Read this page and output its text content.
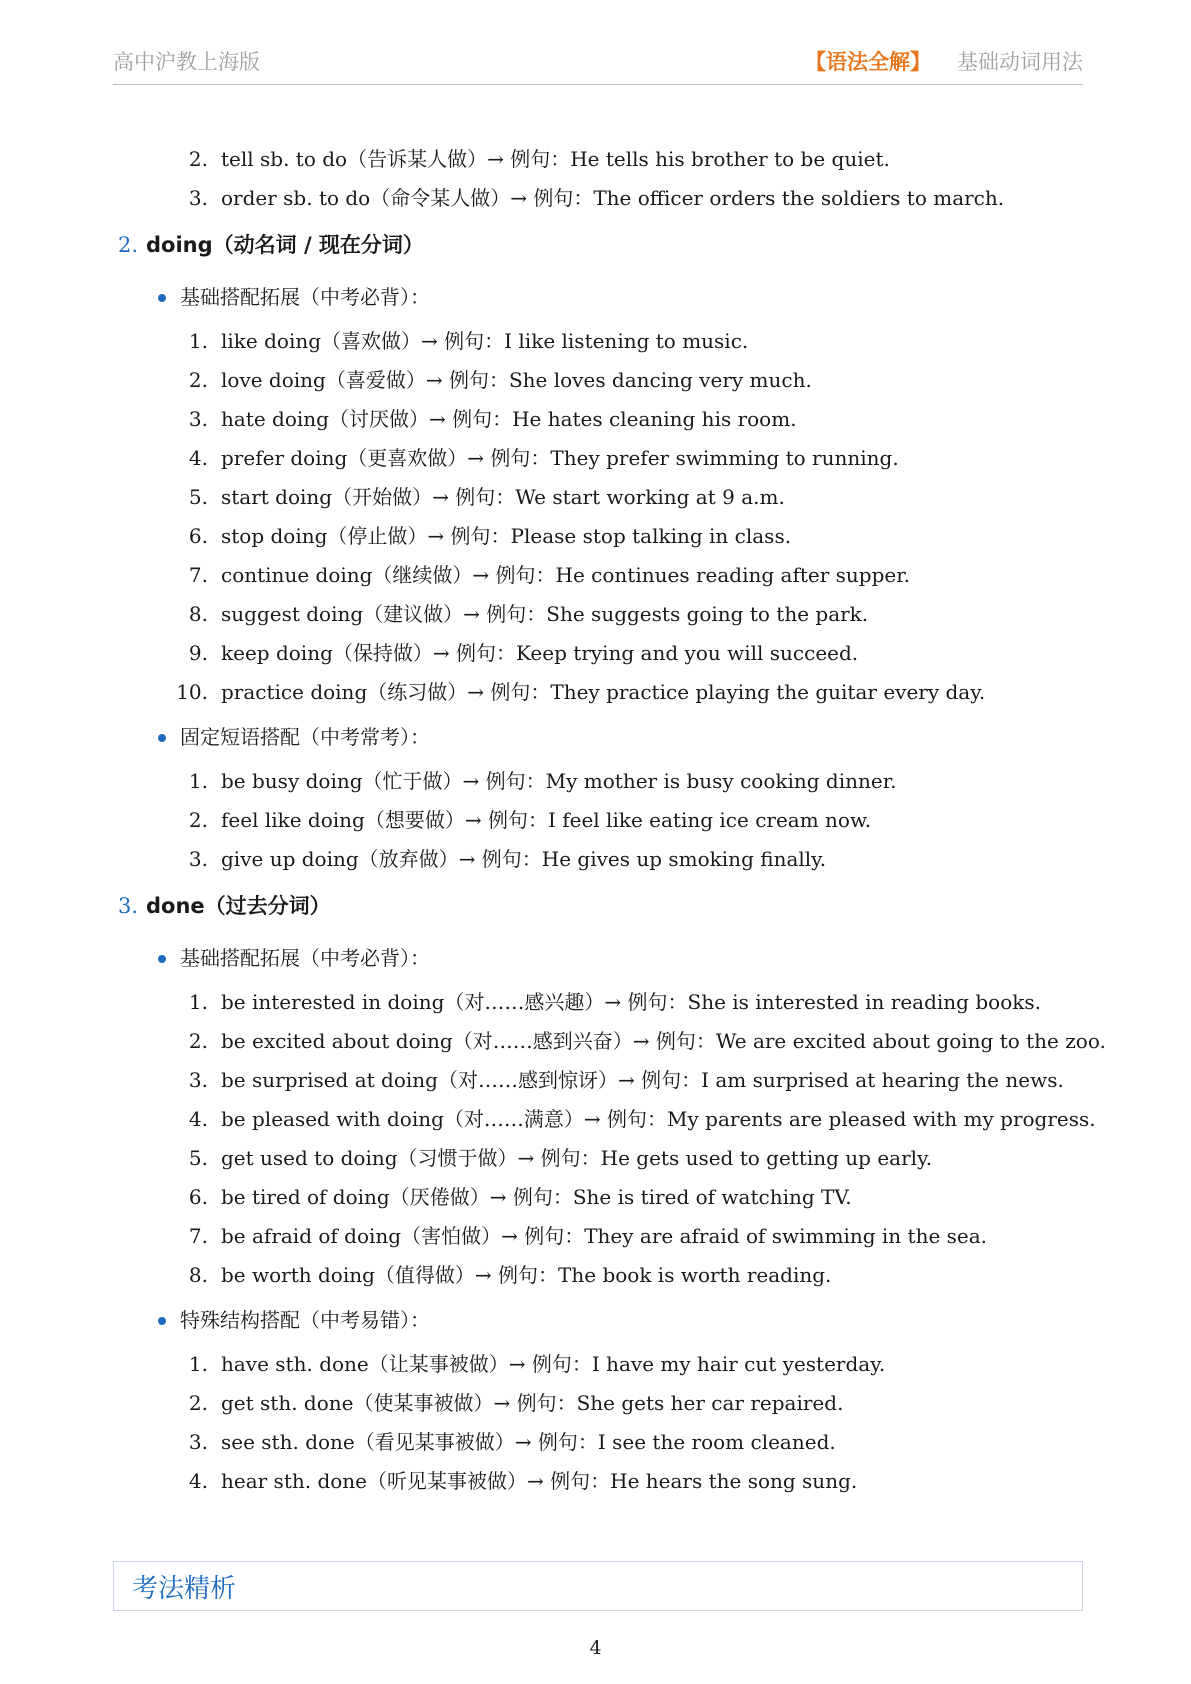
高中沪教上海版	【语法全解】 基础动词用法
2. tell sb. to do（告诉某人做）→ 例句：He tells his brother to be quiet.
3. order sb. to do（命令某人做）→ 例句：The officer orders the soldiers to march.
2. doing（动名词 / 现在分词）
基础搭配拓展（中考必背）：
1. like doing（喜欢做）→ 例句：I like listening to music.
2. love doing（喜爱做）→ 例句：She loves dancing very much.
3. hate doing（讨厌做）→ 例句：He hates cleaning his room.
4. prefer doing（更喜欢做）→ 例句：They prefer swimming to running.
5. start doing（开始做）→ 例句：We start working at 9 a.m.
6. stop doing（停止做）→ 例句：Please stop talking in class.
7. continue doing（继续做）→ 例句：He continues reading after supper.
8. suggest doing（建议做）→ 例句：She suggests going to the park.
9. keep doing（保持做）→ 例句：Keep trying and you will succeed.
10. practice doing（练习做）→ 例句：They practice playing the guitar every day.
固定短语搭配（中考常考）：
1. be busy doing（忙于做）→ 例句：My mother is busy cooking dinner.
2. feel like doing（想要做）→ 例句：I feel like eating ice cream now.
3. give up doing（放弃做）→ 例句：He gives up smoking finally.
3. done（过去分词）
基础搭配拓展（中考必背）：
1. be interested in doing（对……感兴趣）→ 例句：She is interested in reading books.
2. be excited about doing（对……感到兴奋）→ 例句：We are excited about going to the zoo.
3. be surprised at doing（对……感到惊讶）→ 例句：I am surprised at hearing the news.
4. be pleased with doing（对……满意）→ 例句：My parents are pleased with my progress.
5. get used to doing（习惯于做）→ 例句：He gets used to getting up early.
6. be tired of doing（厌倦做）→ 例句：She is tired of watching TV.
7. be afraid of doing（害怕做）→ 例句：They are afraid of swimming in the sea.
8. be worth doing（值得做）→ 例句：The book is worth reading.
特殊结构搭配（中考易错）：
1. have sth. done（让某事被做）→ 例句：I have my hair cut yesterday.
2. get sth. done（使某事被做）→ 例句：She gets her car repaired.
3. see sth. done（看见某事被做）→ 例句：I see the room cleaned.
4. hear sth. done（听见某事被做）→ 例句：He hears the song sung.
考法精析
4
